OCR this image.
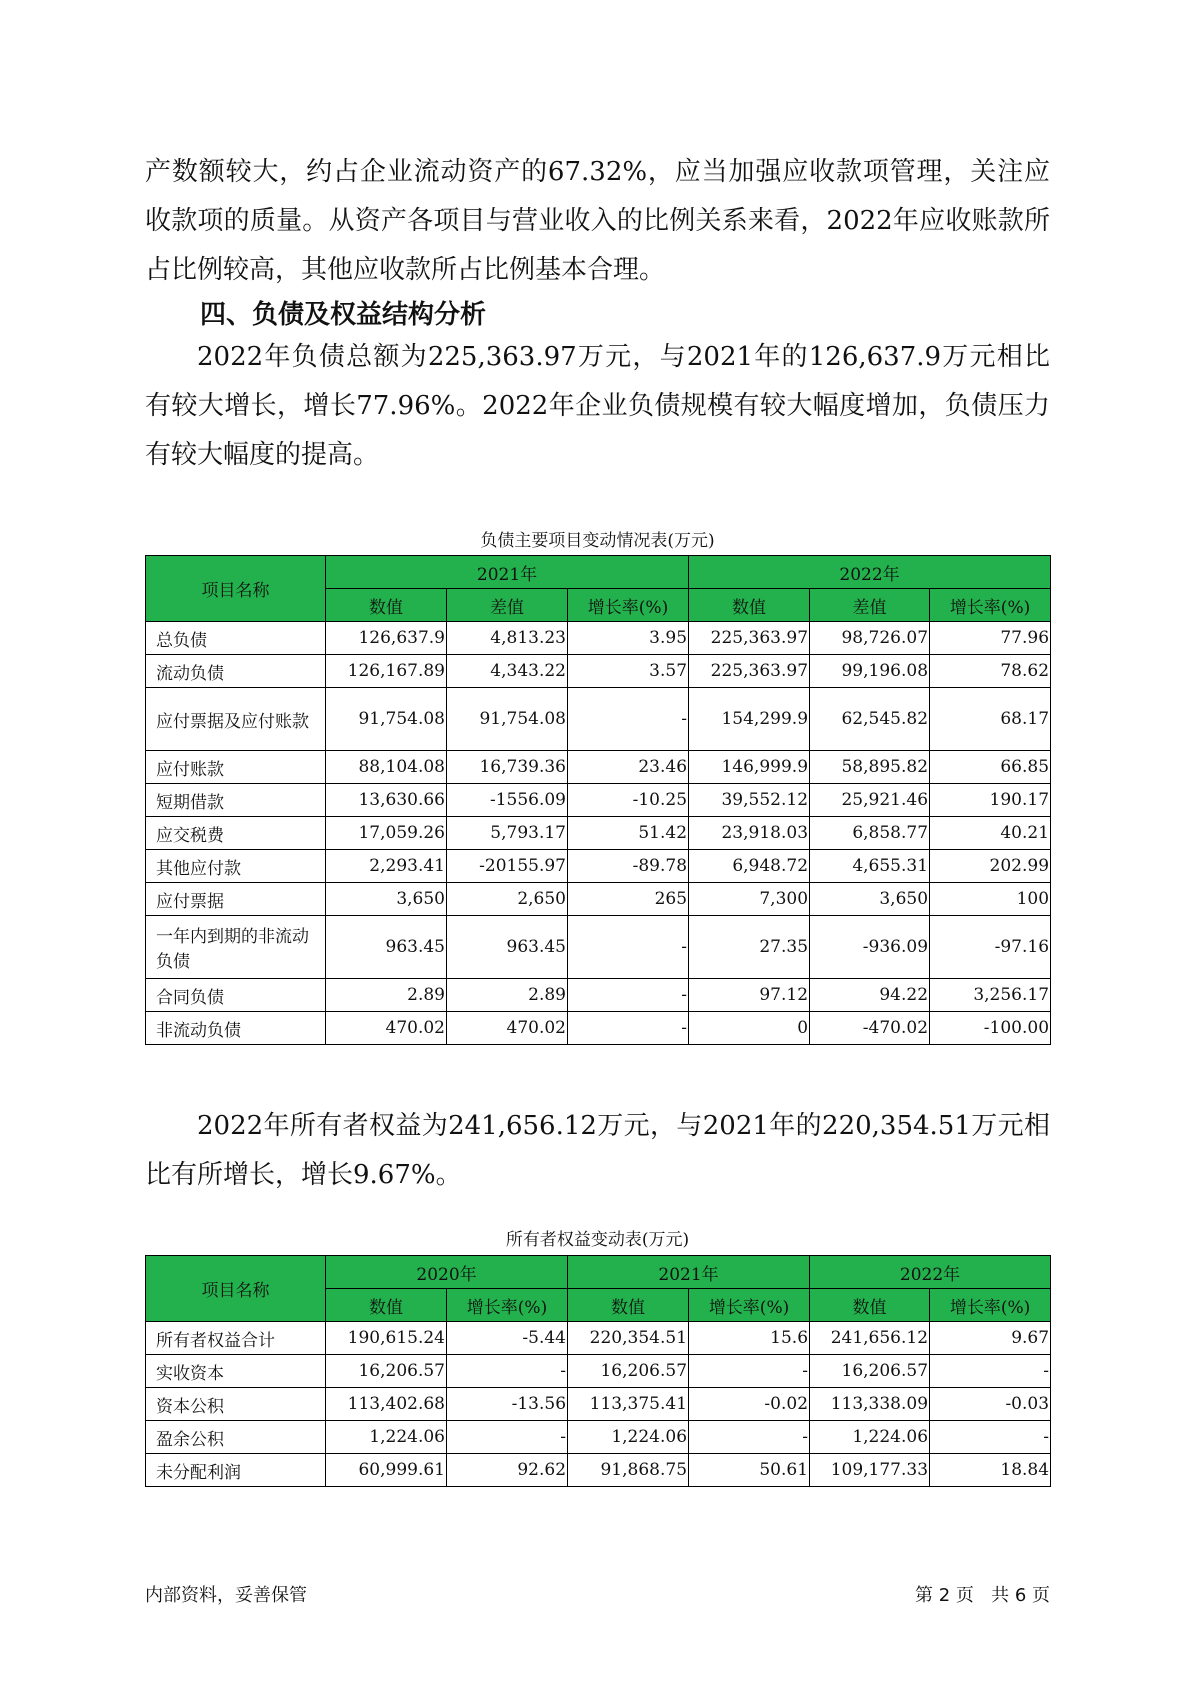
产数额较大，约占企业流动资产的67.32%，应当加强应收款项管理，关注应收款项的质量。从资产各项目与营业收入的比例关系来看，2022年应收账款所占比例较高，其他应收款所占比例基本合理。

四、负债及权益结构分析

2022年负债总额为225,363.97万元，与2021年的126,637.9万元相比有较大增长，增长77.96%。2022年企业负债规模有较大幅度增加，负债压力有较大幅度的提高。

负债主要项目变动情况表(万元)
项目名称	2021年			2022年		
	数值	差值	增长率(%)	数值	差值	增长率(%)
总负债	126,637.9	4,813.23	3.95	225,363.97	98,726.07	77.96
流动负债	126,167.89	4,343.22	3.57	225,363.97	99,196.08	78.62
应付票据及应付账款	91,754.08	91,754.08	-	154,299.9	62,545.82	68.17
应付账款	88,104.08	16,739.36	23.46	146,999.9	58,895.82	66.85
短期借款	13,630.66	-1556.09	-10.25	39,552.12	25,921.46	190.17
应交税费	17,059.26	5,793.17	51.42	23,918.03	6,858.77	40.21
其他应付款	2,293.41	-20155.97	-89.78	6,948.72	4,655.31	202.99
应付票据	3,650	2,650	265	7,300	3,650	100
一年内到期的非流动负债	963.45	963.45	-	27.35	-936.09	-97.16
合同负债	2.89	2.89	-	97.12	94.22	3,256.17
非流动负债	470.02	470.02	-	0	-470.02	-100.00

2022年所有者权益为241,656.12万元，与2021年的220,354.51万元相比有所增长，增长9.67%。

所有者权益变动表(万元)
项目名称	2020年		2021年		2022年	
	数值	增长率(%)	数值	增长率(%)	数值	增长率(%)
所有者权益合计	190,615.24	-5.44	220,354.51	15.6	241,656.12	9.67
实收资本	16,206.57	-	16,206.57	-	16,206.57	-
资本公积	113,402.68	-13.56	113,375.41	-0.02	113,338.09	-0.03
盈余公积	1,224.06	-	1,224.06	-	1,224.06	-
未分配利润	60,999.61	92.62	91,868.75	50.61	109,177.33	18.84
内部资料，妥善保管	第 2 页   共 6 页
